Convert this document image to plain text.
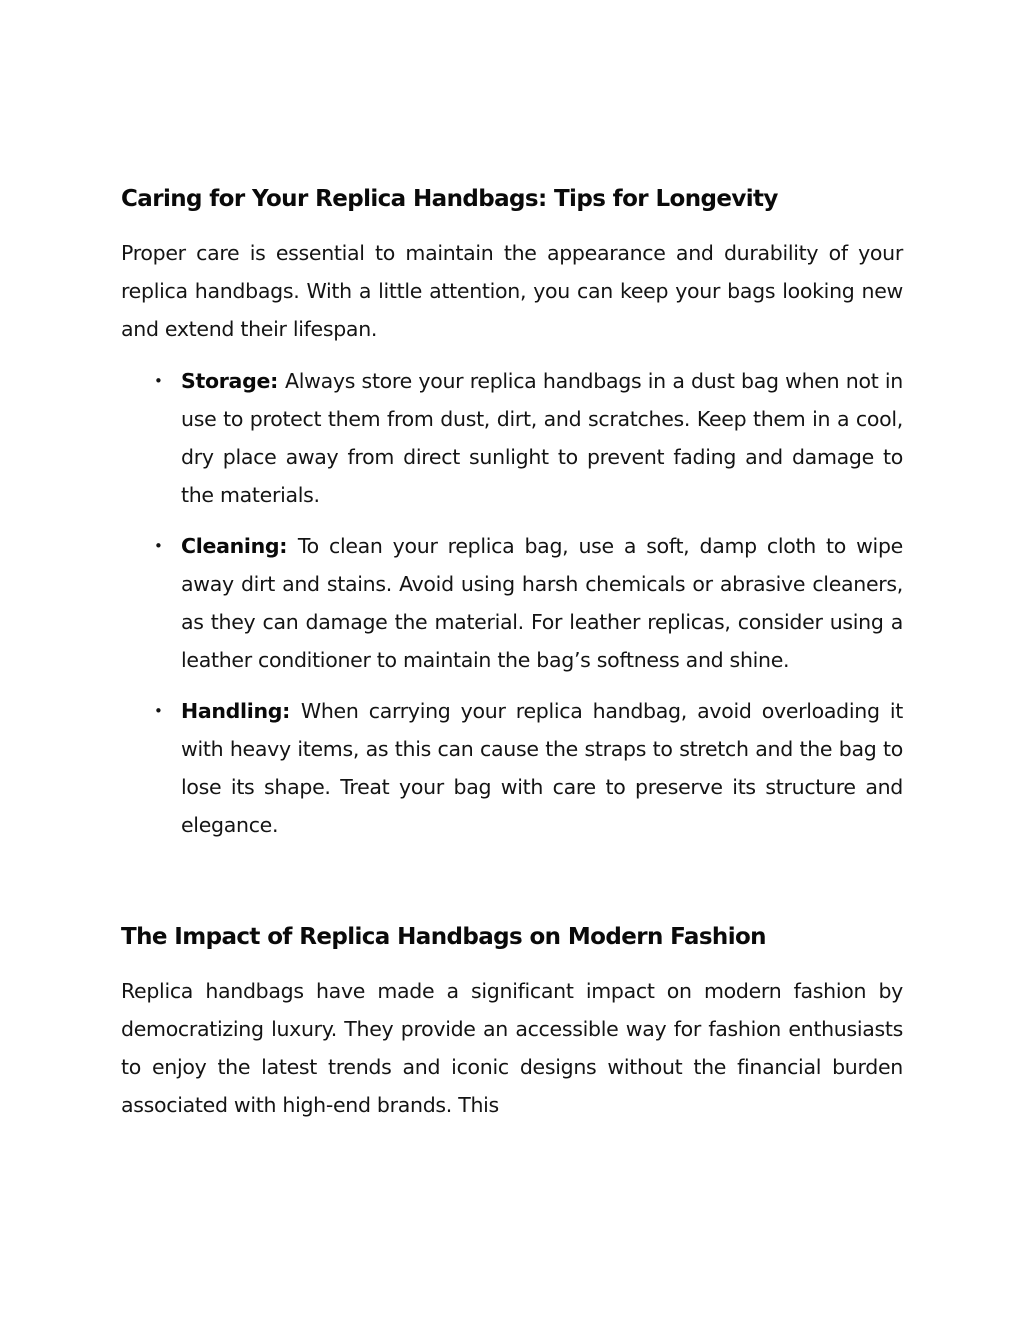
Caring for Your Replica Handbags: Tips for Longevity

Proper care is essential to maintain the appearance and durability of your replica handbags. With a little attention, you can keep your bags looking new and extend their lifespan.

• Storage: Always store your replica handbags in a dust bag when not in use to protect them from dust, dirt, and scratches. Keep them in a cool, dry place away from direct sunlight to prevent fading and damage to the materials.
• Cleaning: To clean your replica bag, use a soft, damp cloth to wipe away dirt and stains. Avoid using harsh chemicals or abrasive cleaners, as they can damage the material. For leather replicas, consider using a leather conditioner to maintain the bag’s softness and shine.
• Handling: When carrying your replica handbag, avoid overloading it with heavy items, as this can cause the straps to stretch and the bag to lose its shape. Treat your bag with care to preserve its structure and elegance.
The Impact of Replica Handbags on Modern Fashion

Replica handbags have made a significant impact on modern fashion by democratizing luxury. They provide an accessible way for fashion enthusiasts to enjoy the latest trends and iconic designs without the financial burden associated with high-end brands. This
